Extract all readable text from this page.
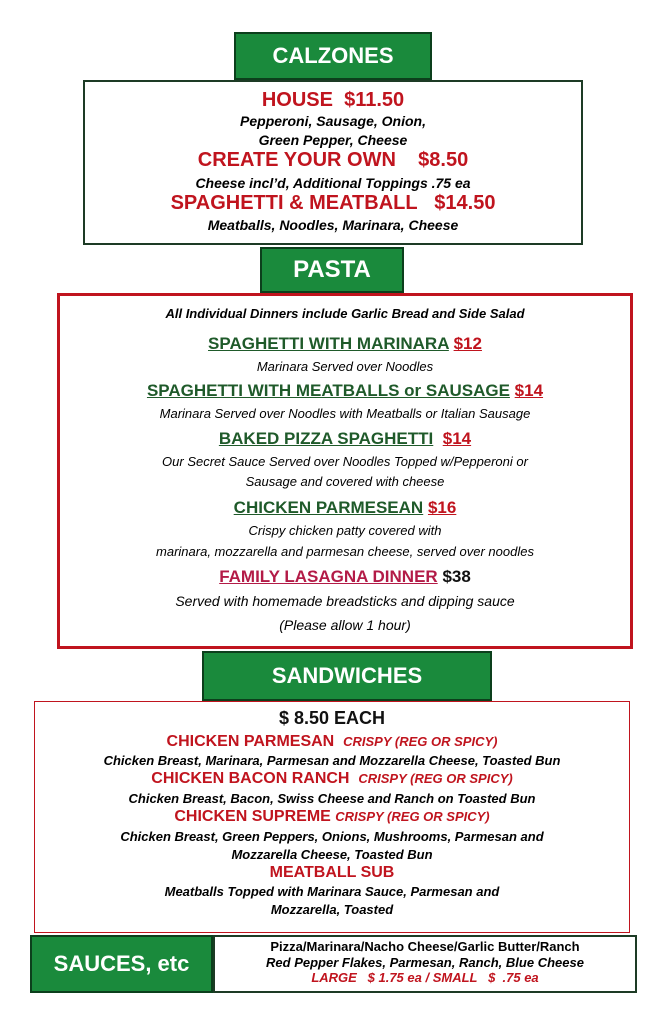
CALZONES
HOUSE $11.50
Pepperoni, Sausage, Onion,
Green Pepper, Cheese
CREATE YOUR OWN $8.50
Cheese incl’d, Additional Toppings .75 ea
SPAGHETTI & MEATBALL $14.50
Meatballs, Noodles, Marinara, Cheese
PASTA
All Individual Dinners include Garlic Bread and Side Salad
SPAGHETTI WITH MARINARA $12
Marinara Served over Noodles
SPAGHETTI WITH MEATBALLS or SAUSAGE $14
Marinara Served over Noodles with Meatballs or Italian Sausage
BAKED PIZZA SPAGHETTI $14
Our Secret Sauce Served over Noodles Topped w/Pepperoni or
Sausage and covered with cheese
CHICKEN PARMESEAN $16
Crispy chicken patty covered with
marinara, mozzarella and parmesan cheese, served over noodles
FAMILY LASAGNA DINNER $38
Served with homemade breadsticks and dipping sauce
(Please allow 1 hour)
SANDWICHES
$ 8.50 EACH
CHICKEN PARMESAN CRISPY (REG OR SPICY)
Chicken Breast, Marinara, Parmesan and Mozzarella Cheese, Toasted Bun
CHICKEN BACON RANCH CRISPY (REG OR SPICY)
Chicken Breast, Bacon, Swiss Cheese and Ranch on Toasted Bun
CHICKEN SUPREME CRISPY (REG OR SPICY)
Chicken Breast, Green Peppers, Onions, Mushrooms, Parmesan and
Mozzarella Cheese, Toasted Bun
MEATBALL SUB
Meatballs Topped with Marinara Sauce, Parmesan and
Mozzarella, Toasted
SAUCES, etc
Pizza/Marinara/Nacho Cheese/Garlic Butter/Ranch
Red Pepper Flakes, Parmesan, Ranch, Blue Cheese
LARGE   $ 1.75 ea / SMALL   $  .75 ea
